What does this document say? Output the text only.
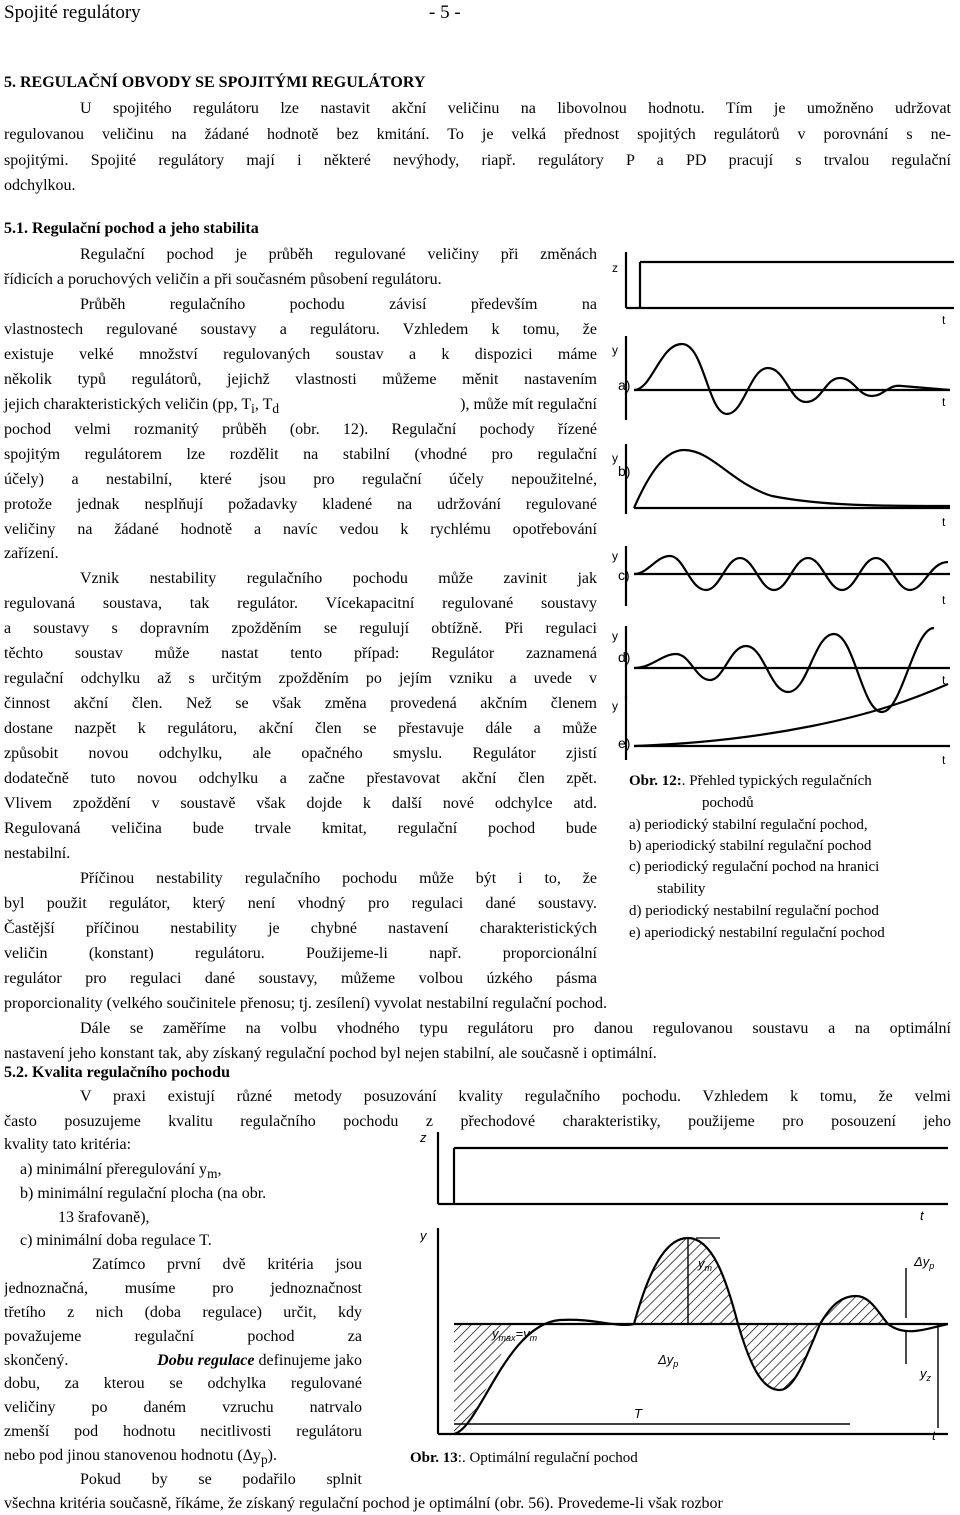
Spojité regulátory	- 5 -
5. REGULAČNÍ OBVODY SE SPOJITÝMI REGULÁTORY
U spojitého regulátoru lze nastavit akční veličinu na libovolnou hodnotu. Tím je umožněno udržovat
regulovanou veličinu na žádané hodnotě bez kmitání. To je velká přednost spojitých regulátorů v porovnání s ne-
spojitými. Spojité regulátory mají i některé nevýhody, riapř. regulátory P a PD pracují s trvalou regulační
odchylkou.
5.1. Regulační pochod a jeho stabilita
Regulační pochod je průběh regulované veličiny při změnách
řídicích a poruchových veličin a při současném působení regulátoru.
Průběh regulačního pochodu závisí především na
vlastnostech regulované soustavy a regulátoru. Vzhledem k tomu, že
existuje velké množství regulovaných soustav a k dispozici máme
několik typů regulátorů, jejichž vlastnosti můžeme měnit nastavením
jejich charakteristických veličin (pp, $T_i$, $T_d$	), může mít regulační
pochod velmi rozmanitý průběh (obr. 12). Regulační pochody řízené
spojitým regulátorem lze rozdělit na stabilní (vhodné pro regulační
účely) a nestabilní, které jsou pro regulační účely nepoužitelné,
protože jednak nesplňují požadavky kladené na udržování regulované
veličiny na žádané hodnotě a navíc vedou k rychlému opotřebování
zařízení.
Vznik nestability regulačního pochodu může zavinit jak
regulovaná soustava, tak regulátor. Vícekapacitní regulované soustavy
a soustavy s dopravním zpožděním se regulují obtížně. Při regulaci
těchto soustav může nastat tento případ: Regulátor zaznamená
regulační odchylku až s určitým zpožděním po jejím vzniku a uvede v
činnost akční člen. Než se však změna provedená akčním členem
dostane nazpět k regulátoru, akční člen se přestavuje dále a může
způsobit novou odchylku, ale opačného smyslu. Regulátor zjistí
dodatečně tuto novou odchylku a začne přestavovat akční člen zpět.
Vlivem zpoždění v soustavě však dojde k další nové odchylce atd.
Regulovaná veličina bude trvale kmitat, regulační pochod bude
nestabilní.
Příčinou nestability regulačního pochodu může být i to, že
byl použit regulátor, který není vhodný pro regulaci dané soustavy.
Častější příčinou nestability je chybné nastavení charakteristických
veličin (konstant) regulátoru. Použijeme-li např. proporcionální
regulátor pro regulaci dané soustavy, můžeme volbou úzkého pásma
proporcionality (velkého součinitele přenosu; tj. zesílení) vyvolat nestabilní regulační pochod.
Dále se zaměříme na volbu vhodného typu regulátoru pro danou regulovanou soustavu a na optimální
nastavení jeho konstant tak, aby získaný regulační pochod byl nejen stabilní, ale současně i optimální.
z
y
y
y
y
y
t
t
t
t
t
t
a)
b)
c)
d)
e)
Obr. 12:. Přehled typických regulačních
pochodů
a) periodický stabilní regulační pochod,
b) aperiodický stabilní regulační pochod
c) periodický regulační pochod na hranici
stability
d) periodický nestabilní regulační pochod
e) aperiodický nestabilní regulační pochod
5.2. Kvalita regulačního pochodu
V praxi existují různé metody posuzování kvality regulačního pochodu. Vzhledem k tomu, že velmi
často posuzujeme kvalitu regulačního pochodu z přechodové charakteristiky, použijeme pro posouzení jeho
kvality tato kritéria:
a) minimální přeregulování $y_m$,
b) minimální regulační plocha (na obr.
13 šrafovaně),
c) minimální doba regulace T.
Zatímco první dvě kritéria jsou
jednoznačná, musíme pro jednoznačnost
třetího z nich (doba regulace) určit, kdy
považujeme regulační pochod za
skončený.	Dobu regulace definujeme jako
dobu, za kterou se odchylka regulované
veličiny po daném vzruchu natrvalo
zmenší pod hodnotu necitlivosti regulátoru
nebo pod jinou stanovenou hodnotu $(\Delta y_p)$.
Pokud by se podařilo splnit
všechna kritéria současně, říkáme, že získaný regulační pochod je optimální (obr. 56). Provedeme-li však rozbor
z
y
t
t
$y_m$
$y_{max}=y_m$
$\Delta y_p$
$\Delta y_p$
$y_z$
T
Obr. 13:. Optimální regulační pochod
